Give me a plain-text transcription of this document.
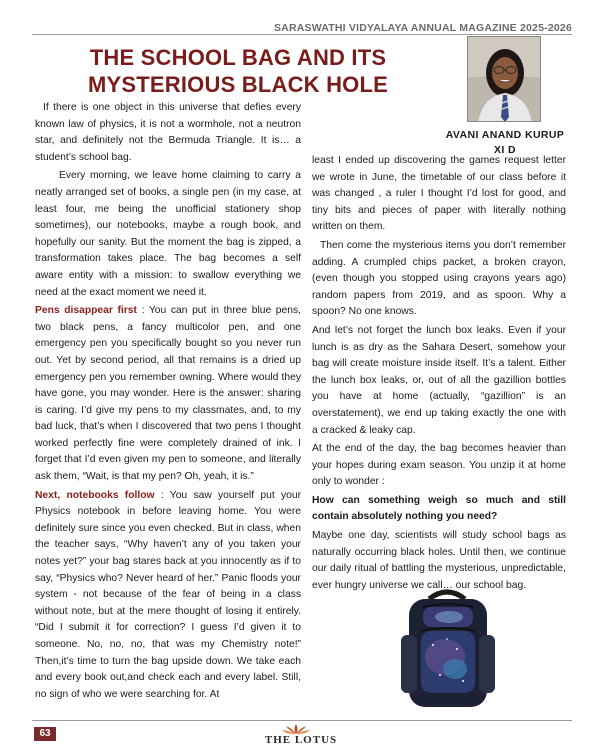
SARASWATHI VIDYALAYA ANNUAL MAGAZINE 2025-2026
THE SCHOOL BAG AND ITS
MYSTERIOUS BLACK HOLE
AVANI ANAND KURUP
XI D

If there is one object in this universe that defies every known law of physics, it is not a wormhole, not a neutron star, and definitely not the Bermuda Triangle. It is… a student’s school bag.

Every morning, we leave home claiming to carry a neatly arranged set of books, a single pen (in my case, at least four, me being the unofficial stationery shop sometimes), our notebooks, maybe a rough book, and hopefully our sanity. But the moment the bag is zipped, a transformation takes place. The bag becomes a self aware entity with a mission: to swallow everything we need at the exact moment we need it.

Pens disappear first : You can put in three blue pens, two black pens, a fancy multicolor pen, and one emergency pen you specifically bought so you never run out. Yet by second period, all that remains is a dried up emergency pen you remember owning. Where would they have gone, you may wonder. Here is the answer: sharing is caring. I’d give my pens to my classmates, and, to my bad luck, that’s when I discovered that two pens I thought worked perfectly fine were completely drained of ink. I forget that I’d even given my pen to someone, and literally ask them, “Wait, is that my pen? Oh, yeah, it is.”

Next, notebooks follow : You saw yourself put your Physics notebook in before leaving home. You were definitely sure since you even checked. But in class, when the teacher says, “Why haven’t any of you taken your notes yet?” your bag stares back at you innocently as if to say, “Physics who? Never heard of her.” Panic floods your system - not because of the fear of being in a class without note, but at the mere thought of losing it entirely. “Did I submit it for correction? I guess I’d given it to someone. No, no, no, that was my Chemistry note!” Then,it’s time to turn the bag upside down. We take each and every book out,and check each and every label. Still, no sign of who we were searching for. At

least I ended up discovering the games request letter we wrote in June, the timetable of our class before it was changed , a ruler I thought I’d lost for good, and tiny bits and pieces of paper with literally nothing written on them.

Then come the mysterious items you don’t remember adding. A crumpled chips packet, a broken crayon, (even though you stopped using crayons years ago) random papers from 2019, and as spoon. Why a spoon? No one knows.

And let’s not forget the lunch box leaks. Even if your lunch is as dry as the Sahara Desert, somehow your bag will create moisture inside itself. It’s a talent. Either the lunch box leaks, or, out of all the gazillion bottles you have at home (actually, “gazillion” is an overstatement), we end up taking exactly the one with a cracked & leaky cap.

At the end of the day, the bag becomes heavier than your hopes during exam season. You unzip it at home only to wonder :

How can something weigh so much and still contain absolutely nothing you need?

Maybe one day, scientists will study school bags as naturally occurring black holes. Until then, we continue our daily ritual of battling the mysterious, unpredictable, ever hungry universe we call… our school bag.

63
THE LOTUS
